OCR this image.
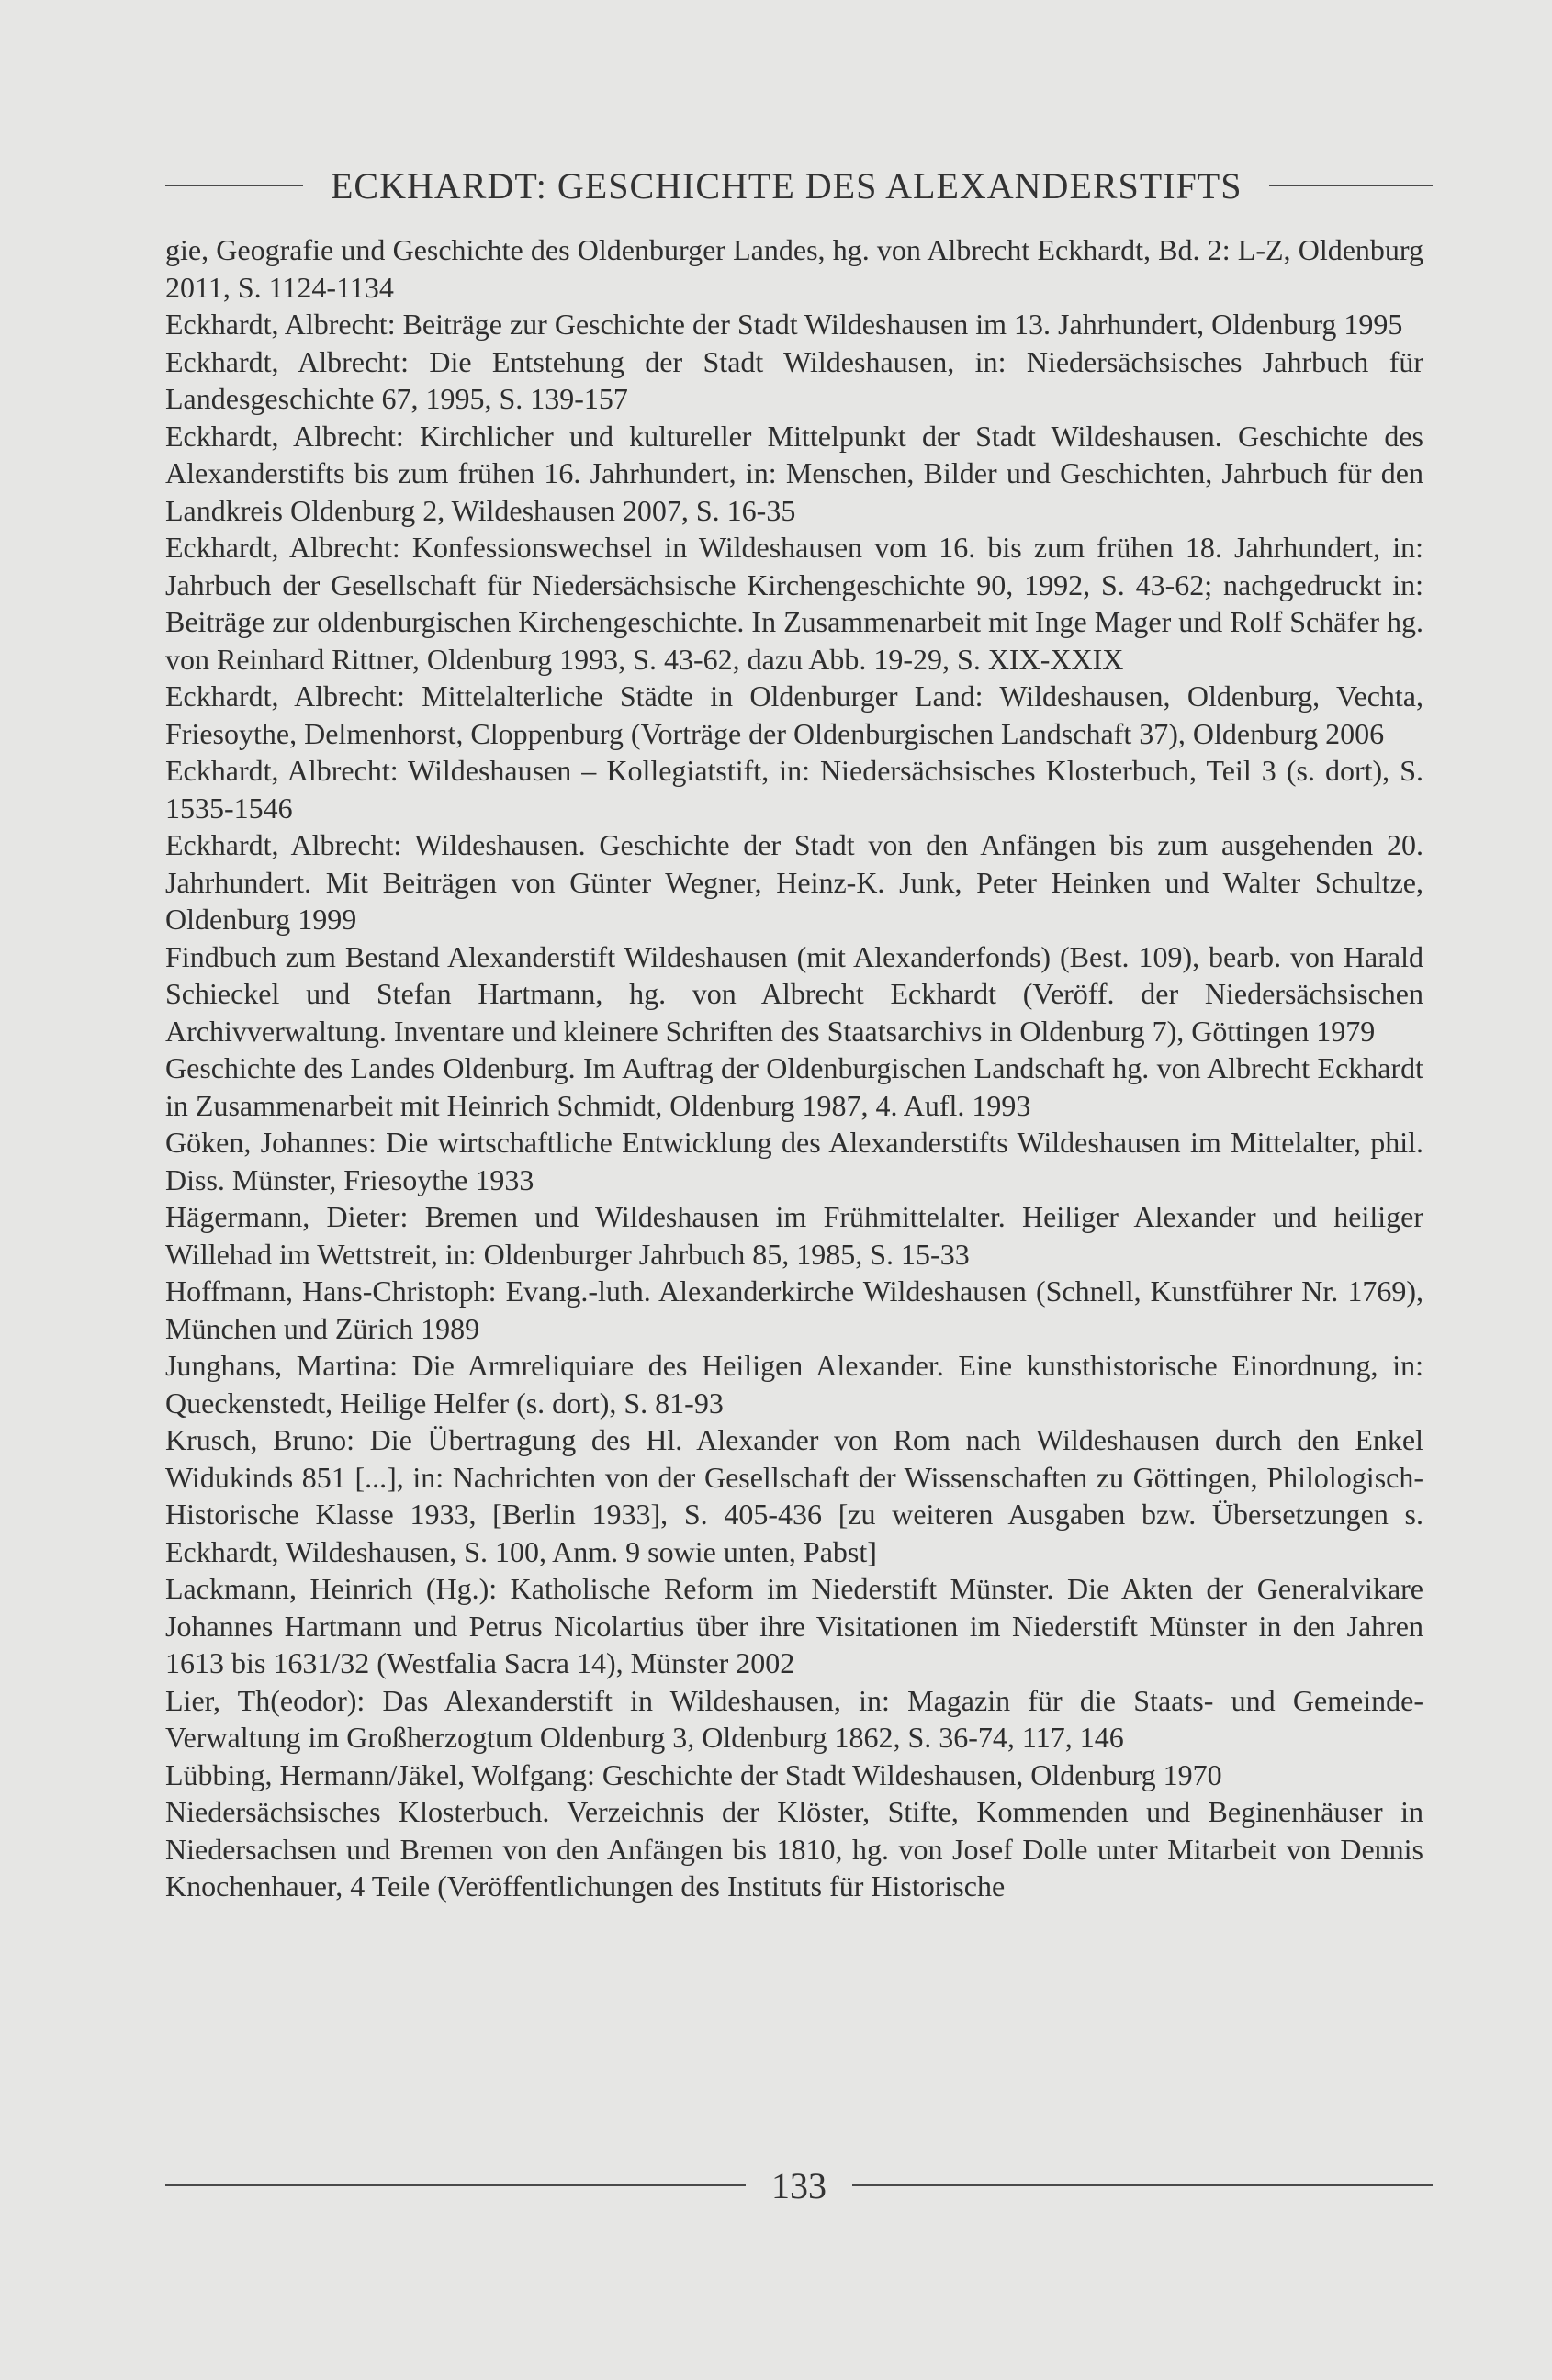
ECKHARDT: GESCHICHTE DES ALEXANDERSTIFTS

gie, Geografie und Geschichte des Oldenburger Landes, hg. von Albrecht Eckhardt, Bd. 2: L-Z, Oldenburg 2011, S. 1124-1134

Eckhardt, Albrecht: Beiträge zur Geschichte der Stadt Wildeshausen im 13. Jahrhundert, Oldenburg 1995

Eckhardt, Albrecht: Die Entstehung der Stadt Wildeshausen, in: Niedersächsisches Jahrbuch für Landesgeschichte 67, 1995, S. 139-157

Eckhardt, Albrecht: Kirchlicher und kultureller Mittelpunkt der Stadt Wildeshausen. Geschichte des Alexanderstifts bis zum frühen 16. Jahrhundert, in: Menschen, Bilder und Geschichten, Jahrbuch für den Landkreis Oldenburg 2, Wildeshausen 2007, S. 16-35

Eckhardt, Albrecht: Konfessionswechsel in Wildeshausen vom 16. bis zum frühen 18. Jahrhundert, in: Jahrbuch der Gesellschaft für Niedersächsische Kirchengeschichte 90, 1992, S. 43-62; nachgedruckt in: Beiträge zur oldenburgischen Kirchengeschichte. In Zusammenarbeit mit Inge Mager und Rolf Schäfer hg. von Reinhard Rittner, Oldenburg 1993, S. 43-62, dazu Abb. 19-29, S. XIX-XXIX

Eckhardt, Albrecht: Mittelalterliche Städte in Oldenburger Land: Wildeshausen, Oldenburg, Vechta, Friesoythe, Delmenhorst, Cloppenburg (Vorträge der Oldenburgischen Landschaft 37), Oldenburg 2006

Eckhardt, Albrecht: Wildeshausen – Kollegiatstift, in: Niedersächsisches Klosterbuch, Teil 3 (s. dort), S. 1535-1546

Eckhardt, Albrecht: Wildeshausen. Geschichte der Stadt von den Anfängen bis zum ausgehenden 20. Jahrhundert. Mit Beiträgen von Günter Wegner, Heinz-K. Junk, Peter Heinken und Walter Schultze, Oldenburg 1999

Findbuch zum Bestand Alexanderstift Wildeshausen (mit Alexanderfonds) (Best. 109), bearb. von Harald Schieckel und Stefan Hartmann, hg. von Albrecht Eckhardt (Veröff. der Niedersächsischen Archivverwaltung. Inventare und kleinere Schriften des Staatsarchivs in Oldenburg 7), Göttingen 1979

Geschichte des Landes Oldenburg. Im Auftrag der Oldenburgischen Landschaft hg. von Albrecht Eckhardt in Zusammenarbeit mit Heinrich Schmidt, Oldenburg 1987, 4. Aufl. 1993

Göken, Johannes: Die wirtschaftliche Entwicklung des Alexanderstifts Wildeshausen im Mittelalter, phil. Diss. Münster, Friesoythe 1933

Hägermann, Dieter: Bremen und Wildeshausen im Frühmittelalter. Heiliger Alexander und heiliger Willehad im Wettstreit, in: Oldenburger Jahrbuch 85, 1985, S. 15-33

Hoffmann, Hans-Christoph: Evang.-luth. Alexanderkirche Wildeshausen (Schnell, Kunstführer Nr. 1769), München und Zürich 1989

Junghans, Martina: Die Armreliquiare des Heiligen Alexander. Eine kunsthistorische Einordnung, in: Queckenstedt, Heilige Helfer (s. dort), S. 81-93

Krusch, Bruno: Die Übertragung des Hl. Alexander von Rom nach Wildeshausen durch den Enkel Widukinds 851 [...], in: Nachrichten von der Gesellschaft der Wissenschaften zu Göttingen, Philologisch-Historische Klasse 1933, [Berlin 1933], S. 405-436 [zu weiteren Ausgaben bzw. Übersetzungen s. Eckhardt, Wildeshausen, S. 100, Anm. 9 sowie unten, Pabst]

Lackmann, Heinrich (Hg.): Katholische Reform im Niederstift Münster. Die Akten der Generalvikare Johannes Hartmann und Petrus Nicolartius über ihre Visitationen im Niederstift Münster in den Jahren 1613 bis 1631/32 (Westfalia Sacra 14), Münster 2002

Lier, Th(eodor): Das Alexanderstift in Wildeshausen, in: Magazin für die Staats- und Gemeinde-Verwaltung im Großherzogtum Oldenburg 3, Oldenburg 1862, S. 36-74, 117, 146

Lübbing, Hermann/Jäkel, Wolfgang: Geschichte der Stadt Wildeshausen, Oldenburg 1970

Niedersächsisches Klosterbuch. Verzeichnis der Klöster, Stifte, Kommenden und Beginenhäuser in Niedersachsen und Bremen von den Anfängen bis 1810, hg. von Josef Dolle unter Mitarbeit von Dennis Knochenhauer, 4 Teile (Veröffentlichungen des Instituts für Historische

133
